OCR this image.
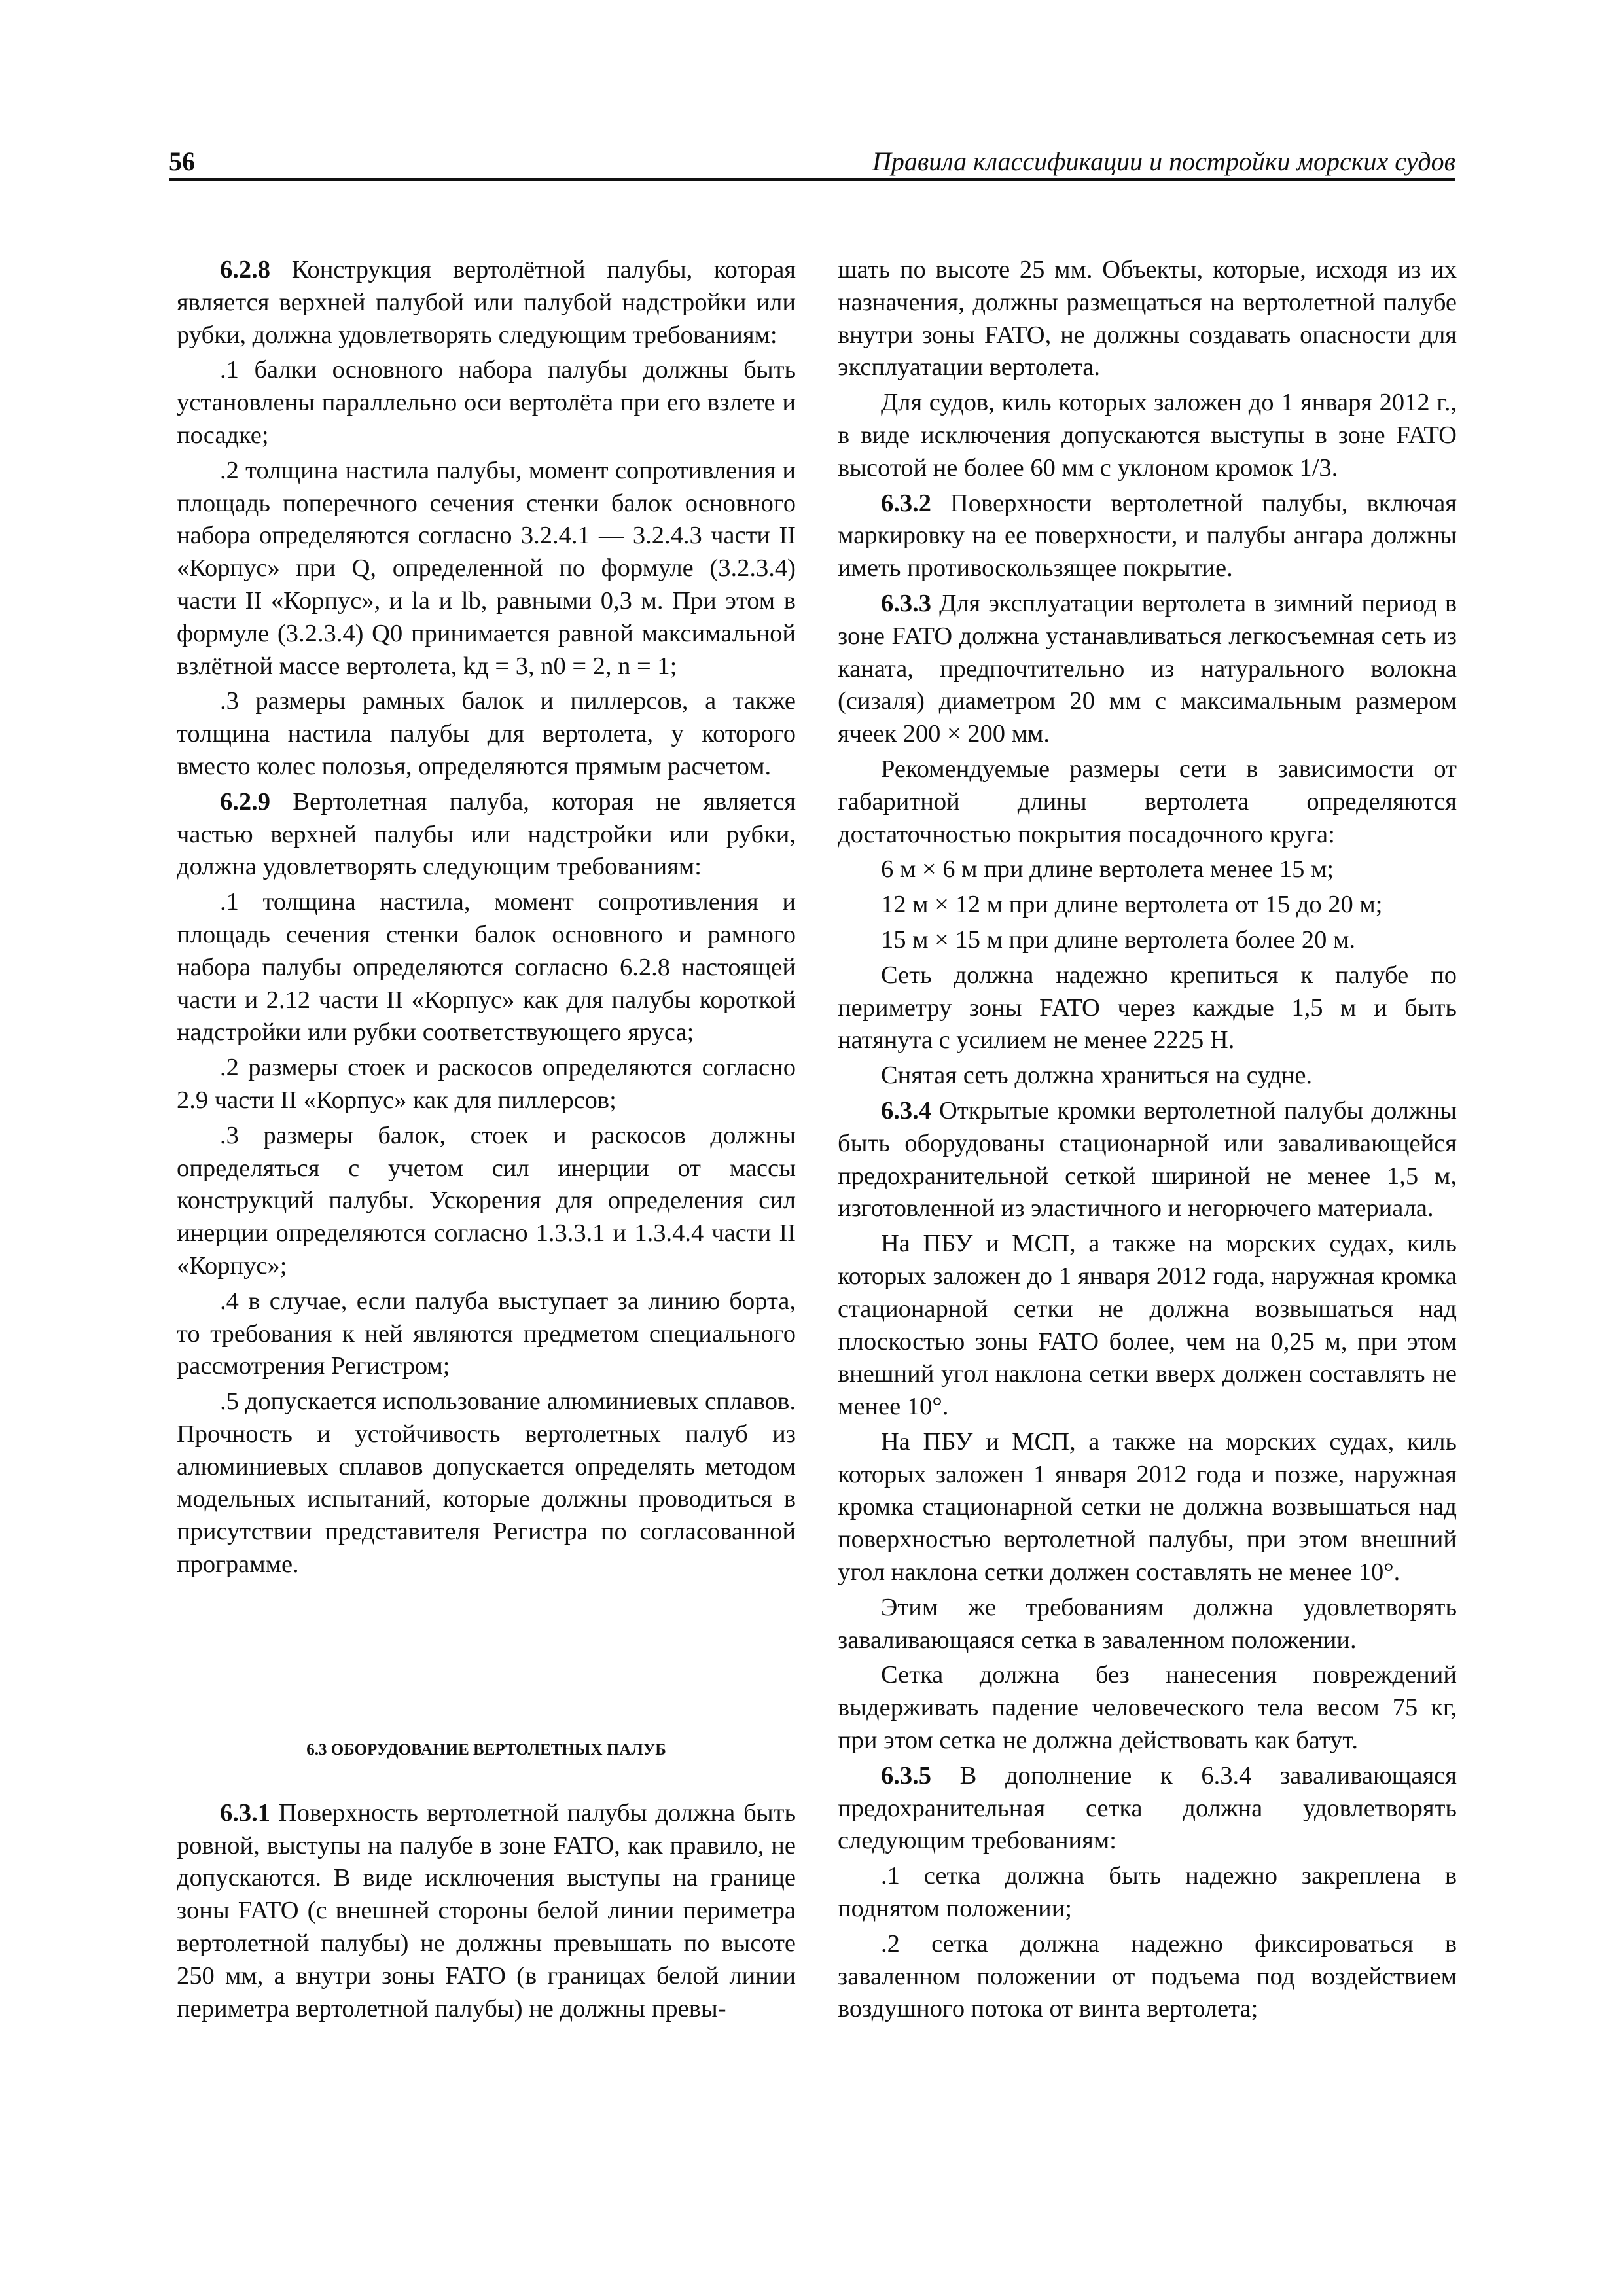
56	Правила классификации и постройки морских судов

6.2.8 Конструкция вертолётной палубы, которая является верхней палубой или палубой надстройки или рубки, должна удовлетворять следующим требованиям:

.1 балки основного набора палубы должны быть установлены параллельно оси вертолёта при его взлете и посадке;

.2 толщина настила палубы, момент сопротивления и площадь поперечного сечения стенки балок основного набора определяются согласно 3.2.4.1 — 3.2.4.3 части II «Корпус» при Q, определенной по формуле (3.2.3.4) части II «Корпус», и la и lb, равными 0,3 м. При этом в формуле (3.2.3.4) Q0 принимается равной максимальной взлётной массе вертолета, kд = 3, n0 = 2, n = 1;

.3 размеры рамных балок и пиллерсов, а также толщина настила палубы для вертолета, у которого вместо колес полозья, определяются прямым расчетом.

6.2.9 Вертолетная палуба, которая не является частью верхней палубы или надстройки или рубки, должна удовлетворять следующим требованиям:

.1 толщина настила, момент сопротивления и площадь сечения стенки балок основного и рамного набора палубы определяются согласно 6.2.8 настоящей части и 2.12 части II «Корпус» как для палубы короткой надстройки или рубки соответствующего яруса;

.2 размеры стоек и раскосов определяются согласно 2.9 части II «Корпус» как для пиллерсов;

.3 размеры балок, стоек и раскосов должны определяться с учетом сил инерции от массы конструкций палубы. Ускорения для определения сил инерции определяются согласно 1.3.3.1 и 1.3.4.4 части II «Корпус»;

.4 в случае, если палуба выступает за линию борта, то требования к ней являются предметом специального рассмотрения Регистром;

.5 допускается использование алюминиевых сплавов. Прочность и устойчивость вертолетных палуб из алюминиевых сплавов допускается определять методом модельных испытаний, которые должны проводиться в присутствии представителя Регистра по согласованной программе.

6.3 ОБОРУДОВАНИЕ ВЕРТОЛЕТНЫХ ПАЛУБ

6.3.1 Поверхность вертолетной палубы должна быть ровной, выступы на палубе в зоне FATO, как правило, не допускаются. В виде исключения выступы на границе зоны FATO (с внешней стороны белой линии периметра вертолетной палубы) не должны превышать по высоте 250 мм, а внутри зоны FATO (в границах белой линии периметра вертолетной палубы) не должны превы-

шать по высоте 25 мм. Объекты, которые, исходя из их назначения, должны размещаться на вертолетной палубе внутри зоны FATO, не должны создавать опасности для эксплуатации вертолета.

Для судов, киль которых заложен до 1 января 2012 г., в виде исключения допускаются выступы в зоне FATO высотой не более 60 мм с уклоном кромок 1/3.

6.3.2 Поверхности вертолетной палубы, включая маркировку на ее поверхности, и палубы ангара должны иметь противоскользящее покрытие.

6.3.3 Для эксплуатации вертолета в зимний период в зоне FATO должна устанавливаться легкосъемная сеть из каната, предпочтительно из натурального волокна (сизаля) диаметром 20 мм с максимальным размером ячеек 200 × 200 мм.

Рекомендуемые размеры сети в зависимости от габаритной длины вертолета определяются достаточностью покрытия посадочного круга:

6 м × 6 м при длине вертолета менее 15 м;

12 м × 12 м при длине вертолета от 15 до 20 м;

15 м × 15 м при длине вертолета более 20 м.

Сеть должна надежно крепиться к палубе по периметру зоны FATO через каждые 1,5 м и быть натянута с усилием не менее 2225 Н.

Снятая сеть должна храниться на судне.

6.3.4 Открытые кромки вертолетной палубы должны быть оборудованы стационарной или заваливающейся предохранительной сеткой шириной не менее 1,5 м, изготовленной из эластичного и негорючего материала.

На ПБУ и МСП, а также на морских судах, киль которых заложен до 1 января 2012 года, наружная кромка стационарной сетки не должна возвышаться над плоскостью зоны FATO более, чем на 0,25 м, при этом внешний угол наклона сетки вверх должен составлять не менее 10°.

На ПБУ и МСП, а также на морских судах, киль которых заложен 1 января 2012 года и позже, наружная кромка стационарной сетки не должна возвышаться над поверхностью вертолетной палубы, при этом внешний угол наклона сетки должен составлять не менее 10°.

Этим же требованиям должна удовлетворять заваливающаяся сетка в заваленном положении.

Сетка должна без нанесения повреждений выдерживать падение человеческого тела весом 75 кг, при этом сетка не должна действовать как батут.

6.3.5 В дополнение к 6.3.4 заваливающаяся предохранительная сетка должна удовлетворять следующим требованиям:

.1 сетка должна быть надежно закреплена в поднятом положении;

.2 сетка должна надежно фиксироваться в заваленном положении от подъема под воздействием воздушного потока от винта вертолета;
